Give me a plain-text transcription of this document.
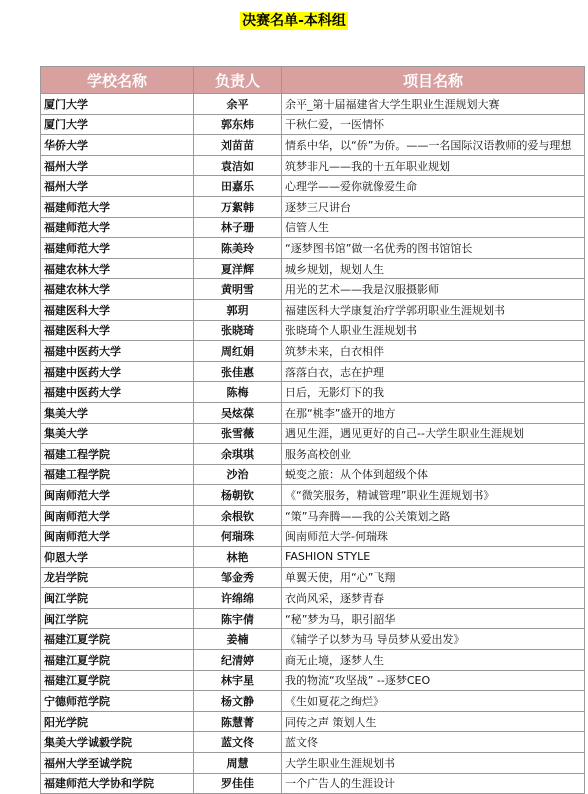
决赛名单-本科组
学校名称	负责人	项目名称
厦门大学	余平	余平_第十届福建省大学生职业生涯规划大赛
厦门大学	郭东炜	干秋仁爱，一医情怀
华侨大学	刘苗苗	情系中华，以“侨”为侨。——一名国际汉语教师的爱与理想
福州大学	袁洁如	筑梦非凡——我的十五年职业规划
福州大学	田嘉乐	心理学——爱你就像爱生命
福建师范大学	万絮韩	逐梦三尺讲台
福建师范大学	林子珊	信管人生
福建师范大学	陈美玲	“逐梦图书馆”做一名优秀的图书馆馆长
福建农林大学	夏洋辉	城乡规划，规划人生
福建农林大学	黄明雪	用光的艺术——我是汉服摄影师
福建医科大学	郭玥	福建医科大学康复治疗学郭玥职业生涯规划书
福建医科大学	张晓琦	张晓琦个人职业生涯规划书
福建中医药大学	周红娟	筑梦未来，白衣相伴
福建中医药大学	张佳惠	落落白衣，志在护理
福建中医药大学	陈梅	日后，无影灯下的我
集美大学	吴炫葆	在那“桃李”盛开的地方
集美大学	张雪薇	遇见生涯，遇见更好的自己--大学生职业生涯规划
福建工程学院	余琪琪	服务高校创业
福建工程学院	沙治	蜕变之旅：从个体到超级个体
闽南师范大学	杨朝钦	《“微笑服务，精诚管理”职业生涯规划书》
闽南师范大学	余根钦	“策”马奔腾——我的公关策划之路
闽南师范大学	何瑞珠	闽南师范大学-何瑞珠
仰恩大学	林艳	FASHION STYLE
龙岩学院	邹金秀	单翼天使，用“心”飞翔
闽江学院	许绵绵	衣尚风采，逐梦青春
闽江学院	陈宇倩	“秘”梦为马，职引韶华
福建江夏学院	姜楠	《辅学子以梦为马 导员梦从爱出发》
福建江夏学院	纪清婷	商无止境，逐梦人生
福建江夏学院	林宇星	我的物流“攻坚战” --逐梦CEO
宁德师范学院	杨文静	《生如夏花之绚烂》
阳光学院	陈慧菁	同传之声 策划人生
集美大学诚毅学院	蓝文佟	蓝文佟
福州大学至诚学院	周慧	大学生职业生涯规划书
福建师范大学协和学院	罗佳佳	一个广告人的生涯设计
